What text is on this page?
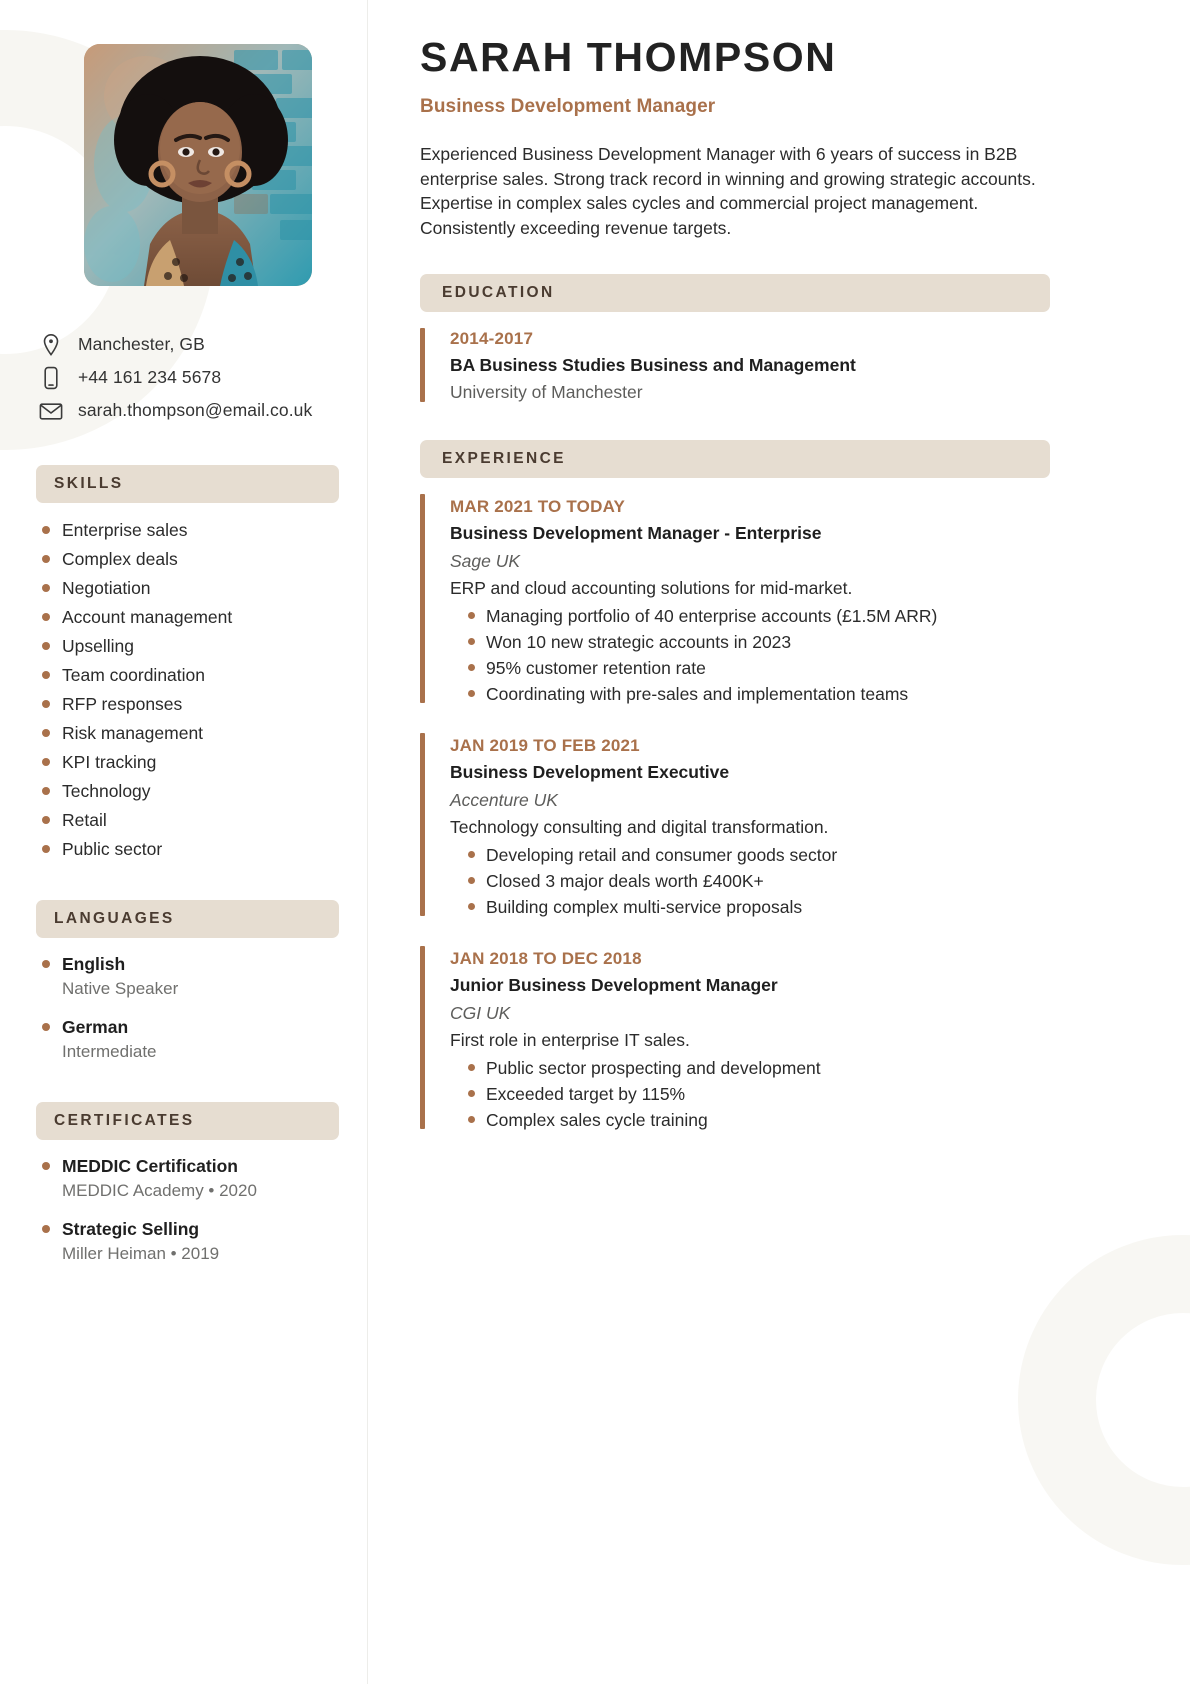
Manchester, GB
+44 161 234 5678
sarah.thompson@email.co.uk
SKILLS
Enterprise sales
Complex deals
Negotiation
Account management
Upselling
Team coordination
RFP responses
Risk management
KPI tracking
Technology
Retail
Public sector
LANGUAGES
English
Native Speaker
German
Intermediate
CERTIFICATES
MEDDIC Certification
MEDDIC Academy • 2020
Strategic Selling
Miller Heiman • 2019
SARAH THOMPSON
Business Development Manager

Experienced Business Development Manager with 6 years of success in B2B enterprise sales. Strong track record in winning and growing strategic accounts. Expertise in complex sales cycles and commercial project management. Consistently exceeding revenue targets.

EDUCATION
2014-2017
BA Business Studies Business and Management
University of Manchester
EXPERIENCE
MAR 2021 TO TODAY
Business Development Manager - Enterprise
Sage UK
ERP and cloud accounting solutions for mid-market.
Managing portfolio of 40 enterprise accounts (£1.5M ARR)
Won 10 new strategic accounts in 2023
95% customer retention rate
Coordinating with pre-sales and implementation teams
JAN 2019 TO FEB 2021
Business Development Executive
Accenture UK
Technology consulting and digital transformation.
Developing retail and consumer goods sector
Closed 3 major deals worth £400K+
Building complex multi-service proposals
JAN 2018 TO DEC 2018
Junior Business Development Manager
CGI UK
First role in enterprise IT sales.
Public sector prospecting and development
Exceeded target by 115%
Complex sales cycle training
